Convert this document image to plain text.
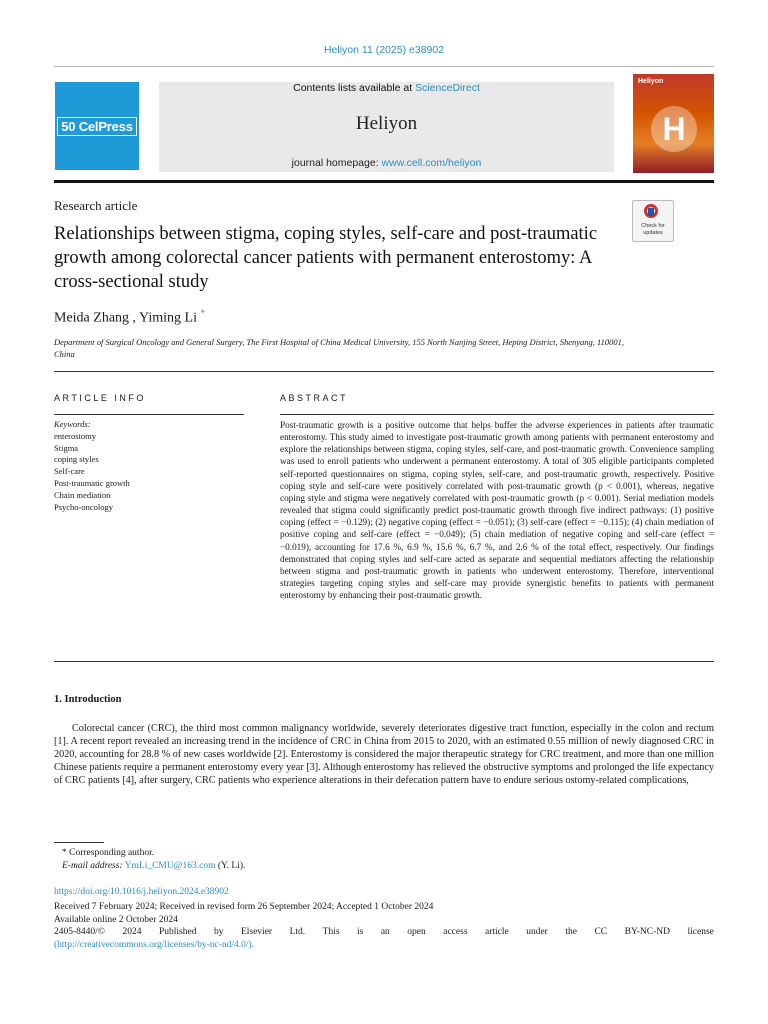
Heliyon 11 (2025) e38902
50 CelPress
Contents lists available at ScienceDirect
Heliyon
journal homepage: www.cell.com/heliyon
Heliyon
H
Research article
Check for updates
Relationships between stigma, coping styles, self-care and post-traumatic growth among colorectal cancer patients with permanent enterostomy: A cross-sectional study
Meida Zhang , Yiming Li *
Department of Surgical Oncology and General Surgery, The First Hospital of China Medical University, 155 North Nanjing Street, Heping District, Shenyang, 110001, China
ARTICLE INFO	ABSTRACT
Keywords:
enterostomy
Stigma
coping styles
Self-care
Post-traumatic growth
Chain mediation
Psycho-oncology
Post-traumatic growth is a positive outcome that helps buffer the adverse experiences in patients after traumatic enterostomy. This study aimed to investigate post-traumatic growth among patients with permanent enterostomy and explore the relationships between stigma, coping styles, self-care, and post-traumatic growth. Convenience sampling was used to enroll patients who underwent a permanent enterostomy. A total of 305 eligible participants completed self-reported questionnaires on stigma, coping styles, self-care, and post-traumatic growth, respectively. Positive coping style and self-care were positively correlated with post-traumatic growth (p < 0.001), whereas, negative coping style and stigma were negatively correlated with post-traumatic growth (p < 0.001). Serial mediation models revealed that stigma could significantly predict post-traumatic growth through five indirect pathways: (1) positive coping (effect = −0.129); (2) negative coping (effect = −0.051); (3) self-care (effect = −0.115); (4) chain mediation of positive coping and self-care (effect = −0.049); (5) chain mediation of negative coping and self-care (effect = −0.019), accounting for 17.6 %, 6.9 %, 15.6 %, 6.7 %, and 2.6 % of the total effect, respectively. Our findings demonstrated that coping styles and self-care acted as separate and sequential mediators affecting the relationship between stigma and post-traumatic growth in patients who underwent enterostomy. Therefore, interventional strategies targeting coping styles and self-care may provide synergistic benefits to patients with permanent enterostomy by enhancing their post-traumatic growth.
1. Introduction
Colorectal cancer (CRC), the third most common malignancy worldwide, severely deteriorates digestive tract function, especially in the colon and rectum [1]. A recent report revealed an increasing trend in the incidence of CRC in China from 2015 to 2020, with an estimated 0.55 million of newly diagnosed CRC in 2020, accounting for 28.8 % of new cases worldwide [2]. Enterostomy is considered the major therapeutic strategy for CRC treatment, and more than one million Chinese patients require a permanent enterostomy every year [3]. Although enterostomy has relieved the obstructive symptoms and prolonged the life expectancy of CRC patients [4], after surgery, CRC patients who experience alterations in their defecation pattern have to endure serious ostomy-related complications,
* Corresponding author.
E-mail address: YmLi_CMU@163.com (Y. Li).
https://doi.org/10.1016/j.heliyon.2024.e38902
Received 7 February 2024; Received in revised form 26 September 2024; Accepted 1 October 2024
Available online 2 October 2024
2405-8440/© 2024 Published by Elsevier Ltd. This is an open access article under the CC BY-NC-ND license
(http://creativecommons.org/licenses/by-nc-nd/4.0/).
